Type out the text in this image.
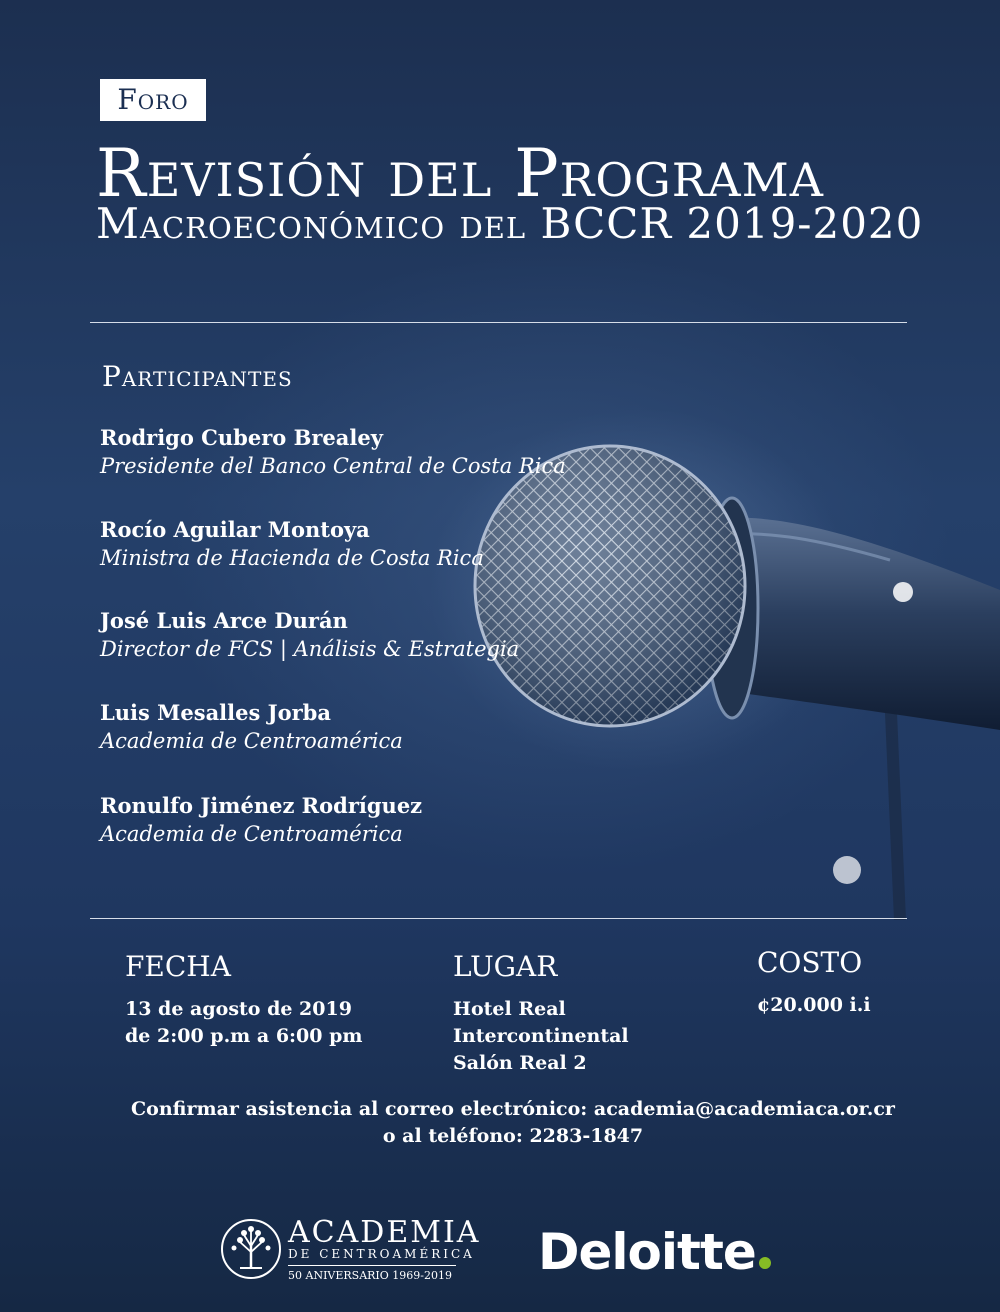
Foro
Revisión del Programa
Macroeconómico del BCCR 2019-2020
Participantes
Rodrigo Cubero Brealey
Presidente del Banco Central de Costa Rica
Rocío Aguilar Montoya
Ministra de Hacienda de Costa Rica
José Luis Arce Durán
Director de FCS | Análisis & Estrategia
Luis Mesalles Jorba
Academia de Centroamérica
Ronulfo Jiménez Rodríguez
Academia de Centroamérica
FECHA
13 de agosto de 2019
de 2:00 p.m a 6:00 pm
LUGAR
Hotel Real
Intercontinental
Salón Real 2
COSTO
¢20.000 i.i
Confirmar asistencia al correo electrónico: academia@academiaca.or.cr
o al teléfono: 2283-1847
ACADEMIA
DE CENTROAMÉRICA
50 ANIVERSARIO 1969-2019 Deloitte
